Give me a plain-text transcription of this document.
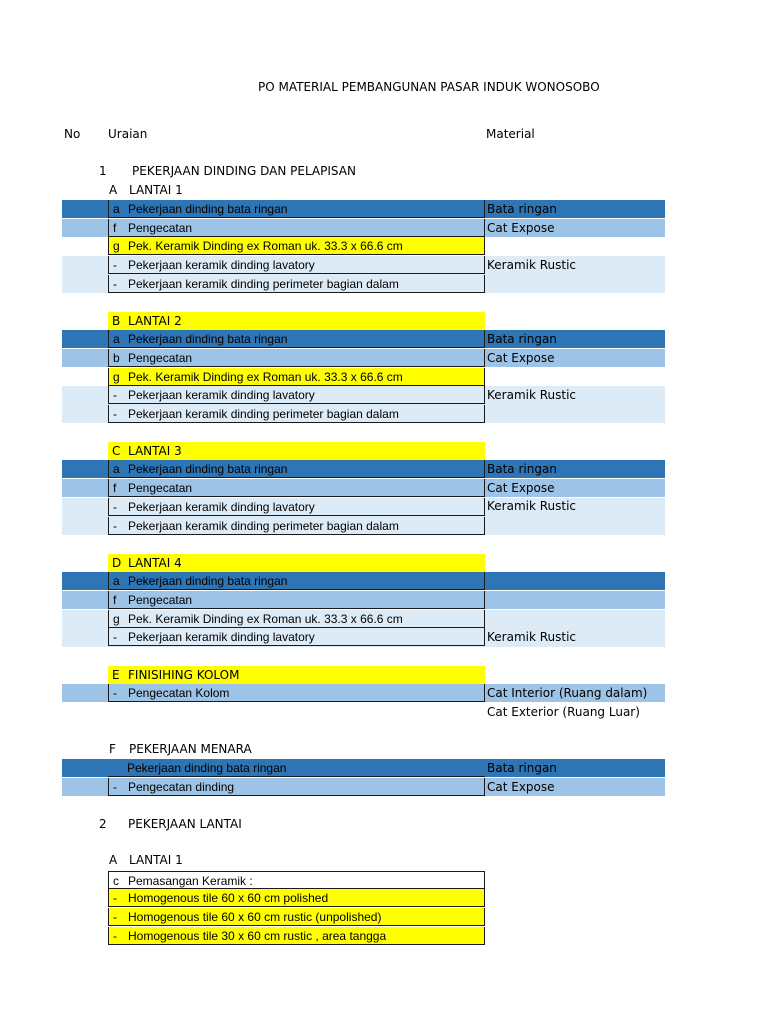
PO MATERIAL PEMBANGUNAN PASAR INDUK WONOSOBO
No Uraian	Material
1 PEKERJAAN DINDING DAN PELAPISAN
A LANTAI 1
a Pekerjaan dinding bata ringan	Bata ringan
f Pengecatan	Cat Expose
g Pek. Keramik Dinding ex Roman uk. 33.3 x 66.6 cm
- Pekerjaan keramik dinding lavatory	Keramik Rustic
- Pekerjaan keramik dinding perimeter bagian dalam
B LANTAI 2
a Pekerjaan dinding bata ringan	Bata ringan
b Pengecatan	Cat Expose
g Pek. Keramik Dinding ex Roman uk. 33.3 x 66.6 cm
- Pekerjaan keramik dinding lavatory	Keramik Rustic
- Pekerjaan keramik dinding perimeter bagian dalam
C LANTAI 3
a Pekerjaan dinding bata ringan	Bata ringan
f Pengecatan	Cat Expose
- Pekerjaan keramik dinding lavatory	Keramik Rustic
- Pekerjaan keramik dinding perimeter bagian dalam
D LANTAI 4
a Pekerjaan dinding bata ringan
f Pengecatan
g Pek. Keramik Dinding ex Roman uk. 33.3 x 66.6 cm
- Pekerjaan keramik dinding lavatory	Keramik Rustic
E FINISIHING KOLOM
- Pengecatan Kolom	Cat Interior (Ruang dalam)
Cat Exterior (Ruang Luar)
F PEKERJAAN MENARA
Pekerjaan dinding bata ringan	Bata ringan
- Pengecatan dinding	Cat Expose
2 PEKERJAAN LANTAI
A LANTAI 1
c Pemasangan Keramik :
- Homogenous tile 60 x 60 cm polished
- Homogenous tile 60 x 60 cm rustic (unpolished)
- Homogenous tile 30 x 60 cm rustic , area tangga
